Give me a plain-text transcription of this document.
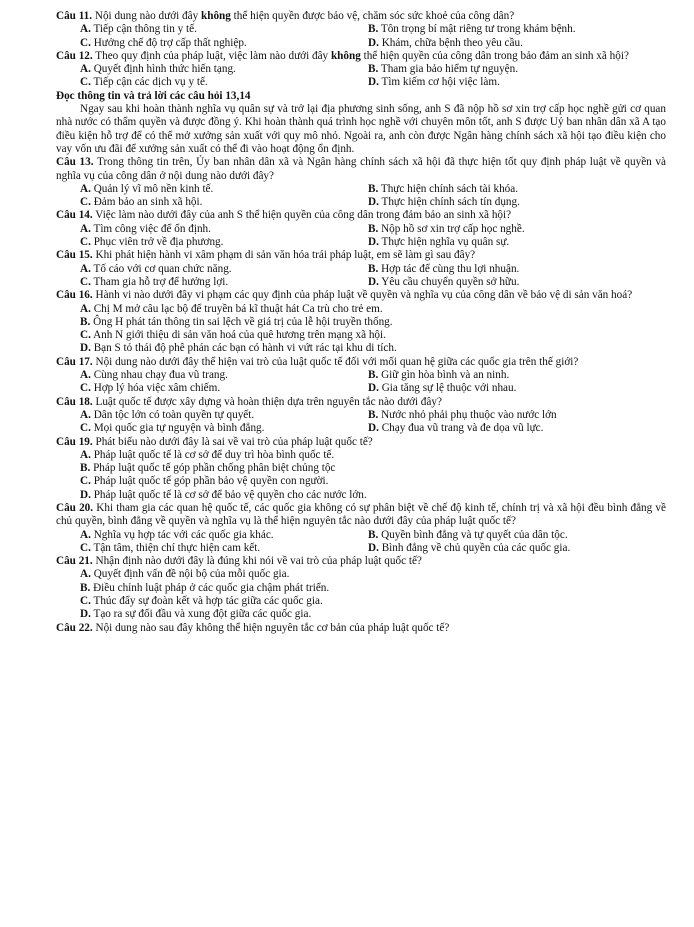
Câu 11. Nội dung nào dưới đây không thể hiện quyền được bảo vệ, chăm sóc sức khoẻ của công dân?

A. Tiếp cận thông tin y tế.	B. Tôn trọng bí mật riêng tư trong khám bệnh.
C. Hưởng chế độ trợ cấp thất nghiệp.	D. Khám, chữa bệnh theo yêu cầu.

Câu 12. Theo quy định của pháp luật, việc làm nào dưới đây không thể hiện quyền của công dân trong bảo đảm an sinh xã hội?

A. Quyết định hình thức hiến tạng.	B. Tham gia bảo hiểm tự nguyện.
C. Tiếp cận các dịch vụ y tế.	D. Tìm kiếm cơ hội việc làm.

Đọc thông tin và trả lời các câu hỏi 13,14

Ngay sau khi hoàn thành nghĩa vụ quân sự và trở lại địa phương sinh sống, anh S đã nộp hồ sơ xin trợ cấp học nghề gửi cơ quan nhà nước có thẩm quyền và được đồng ý. Khi hoàn thành quá trình học nghề với chuyên môn tốt, anh S được Uỷ ban nhân dân xã A tạo điều kiện hỗ trợ để có thể mở xưởng sản xuất với quy mô nhỏ. Ngoài ra, anh còn được Ngân hàng chính sách xã hội tạo điều kiện cho vay vốn ưu đãi để xưởng sản xuất có thể đi vào hoạt động ổn định.

Câu 13. Trong thông tin trên, Ủy ban nhân dân xã và Ngân hàng chính sách xã hội đã thực hiện tốt quy định pháp luật về quyền và nghĩa vụ của công dân ở nội dung nào dưới đây?

A. Quản lý vĩ mô nền kinh tế.	B. Thực hiện chính sách tài khóa.
C. Đảm bảo an sinh xã hội.	D. Thực hiện chính sách tín dụng.

Câu 14. Việc làm nào dưới đây của anh S thể hiện quyền của công dân trong đảm bảo an sinh xã hội?

A. Tìm công việc để ổn định.	B. Nộp hồ sơ xin trợ cấp học nghề.
C. Phục viên trở về địa phương.	D. Thực hiện nghĩa vụ quân sự.

Câu 15. Khi phát hiện hành vi xâm phạm di sản văn hóa trái pháp luật, em sẽ làm gì sau đây?

A. Tố cáo với cơ quan chức năng.	B. Hợp tác để cùng thu lợi nhuận.
C. Tham gia hỗ trợ để hưởng lợi.	D. Yêu cầu chuyển quyền sở hữu.

Câu 16. Hành vi nào dưới đây vi phạm các quy định của pháp luật về quyền và nghĩa vụ của công dân về bảo vệ di sản văn hoá?

A. Chị M mở câu lạc bộ để truyền bá kĩ thuật hát Ca trù cho trẻ em.
B. Ông H phát tán thông tin sai lệch về giá trị của lễ hội truyền thống.
C. Anh N giới thiệu di sản văn hoá của quê hương trên mạng xã hội.
D. Bạn S tỏ thái độ phê phán các bạn có hành vi vứt rác tại khu di tích.

Câu 17. Nội dung nào dưới đây thể hiện vai trò của luật quốc tế đối với mối quan hệ giữa các quốc gia trên thế giới?

A. Cùng nhau chạy đua vũ trang.	B. Giữ gìn hòa bình và an ninh.
C. Hợp lý hóa việc xâm chiếm.	D. Gia tăng sự lệ thuộc với nhau.

Câu 18. Luật quốc tế được xây dựng và hoàn thiện dựa trên nguyên tắc nào dưới đây?

A. Dân tộc lớn có toàn quyền tự quyết.	B. Nước nhỏ phải phụ thuộc vào nước lớn
C. Mọi quốc gia tự nguyện và bình đẳng.	D. Chạy đua vũ trang và đe dọa vũ lực.

Câu 19. Phát biểu nào dưới đây là sai về vai trò của pháp luật quốc tế?

A. Pháp luật quốc tế là cơ sở để duy trì hòa bình quốc tế.
B. Pháp luật quốc tế góp phần chống phân biệt chủng tộc
C. Pháp luật quốc tế góp phần bảo vệ quyền con người.
D. Pháp luật quốc tế là cơ sở để bảo vệ quyền cho các nước lớn.

Câu 20. Khi tham gia các quan hệ quốc tế, các quốc gia không có sự phân biệt về chế độ kinh tế, chính trị và xã hội đều bình đẳng về chủ quyền, bình đẳng về quyền và nghĩa vụ là thể hiện nguyên tắc nào dưới đây của pháp luật quốc tế?

A. Nghĩa vụ hợp tác với các quốc gia khác.	B. Quyền bình đẳng và tự quyết của dân tộc.
C. Tận tâm, thiện chí thực hiện cam kết.	D. Bình đẳng về chủ quyền của các quốc gia.

Câu 21. Nhận định nào dưới đây là đúng khi nói về vai trò của pháp luật quốc tế?

A. Quyết định vấn đề nội bộ của mỗi quốc gia.
B. Điều chỉnh luật pháp ở các quốc gia chậm phát triển.
C. Thúc đẩy sự đoàn kết và hợp tác giữa các quốc gia.
D. Tạo ra sự đối đầu và xung đột giữa các quốc gia.

Câu 22. Nội dung nào sau đây không thể hiện nguyên tắc cơ bản của pháp luật quốc tế?
